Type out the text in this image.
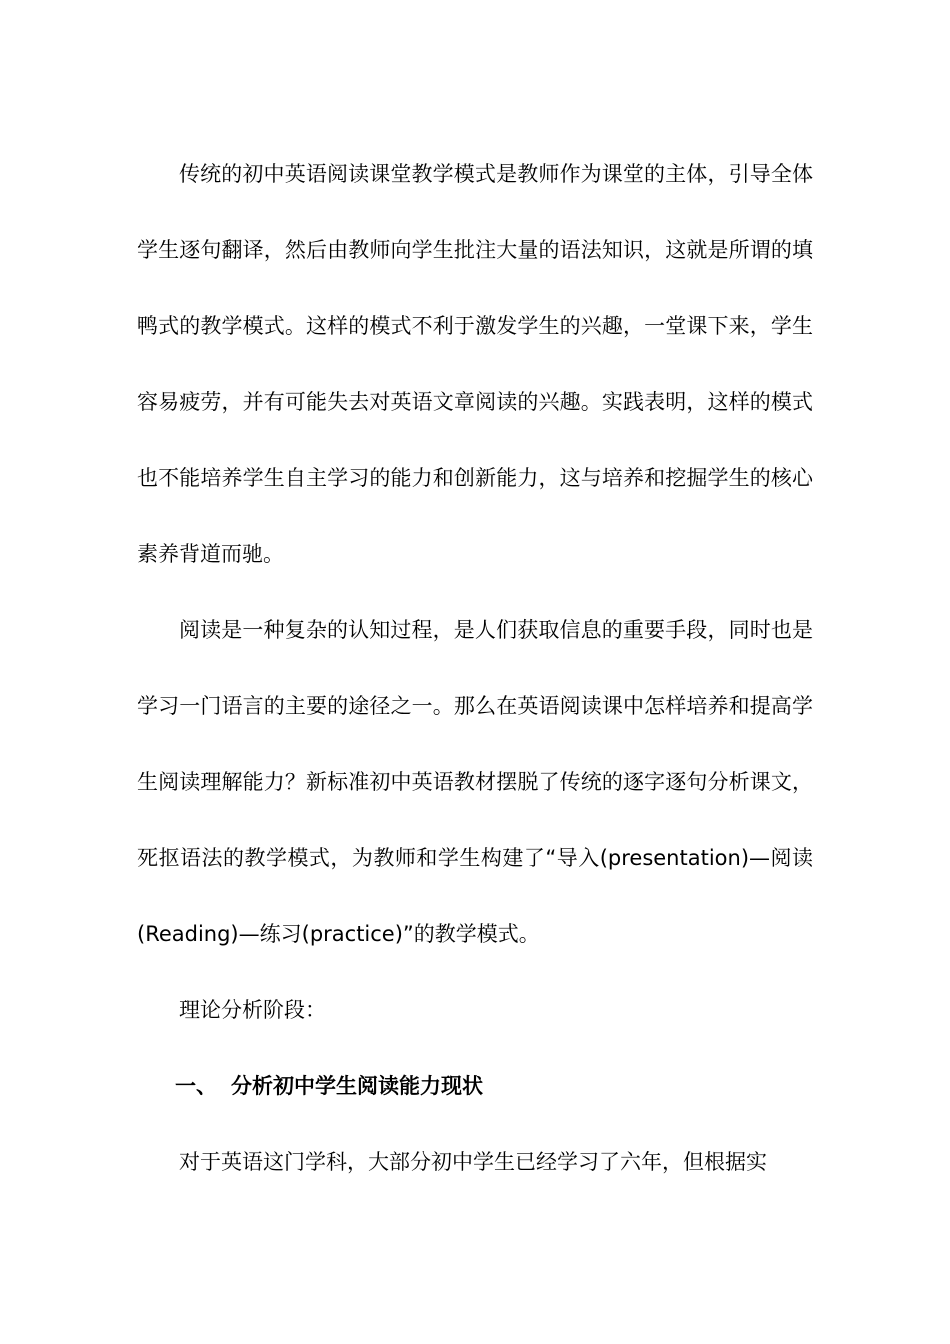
传统的初中英语阅读课堂教学模式是教师作为课堂的主体，引导全体学生逐句翻译，然后由教师向学生批注大量的语法知识，这就是所谓的填鸭式的教学模式。这样的模式不利于激发学生的兴趣，一堂课下来，学生容易疲劳，并有可能失去对英语文章阅读的兴趣。实践表明，这样的模式也不能培养学生自主学习的能力和创新能力，这与培养和挖掘学生的核心素养背道而驰。

阅读是一种复杂的认知过程，是人们获取信息的重要手段，同时也是学习一门语言的主要的途径之一。那么在英语阅读课中怎样培养和提高学生阅读理解能力？新标准初中英语教材摆脱了传统的逐字逐句分析课文，死抠语法的教学模式，为教师和学生构建了“导入(presentation)—阅读(Reading)—练习(practice)”的教学模式。

理论分析阶段：

一、 分析初中学生阅读能力现状

对于英语这门学科，大部分初中学生已经学习了六年，但根据实
